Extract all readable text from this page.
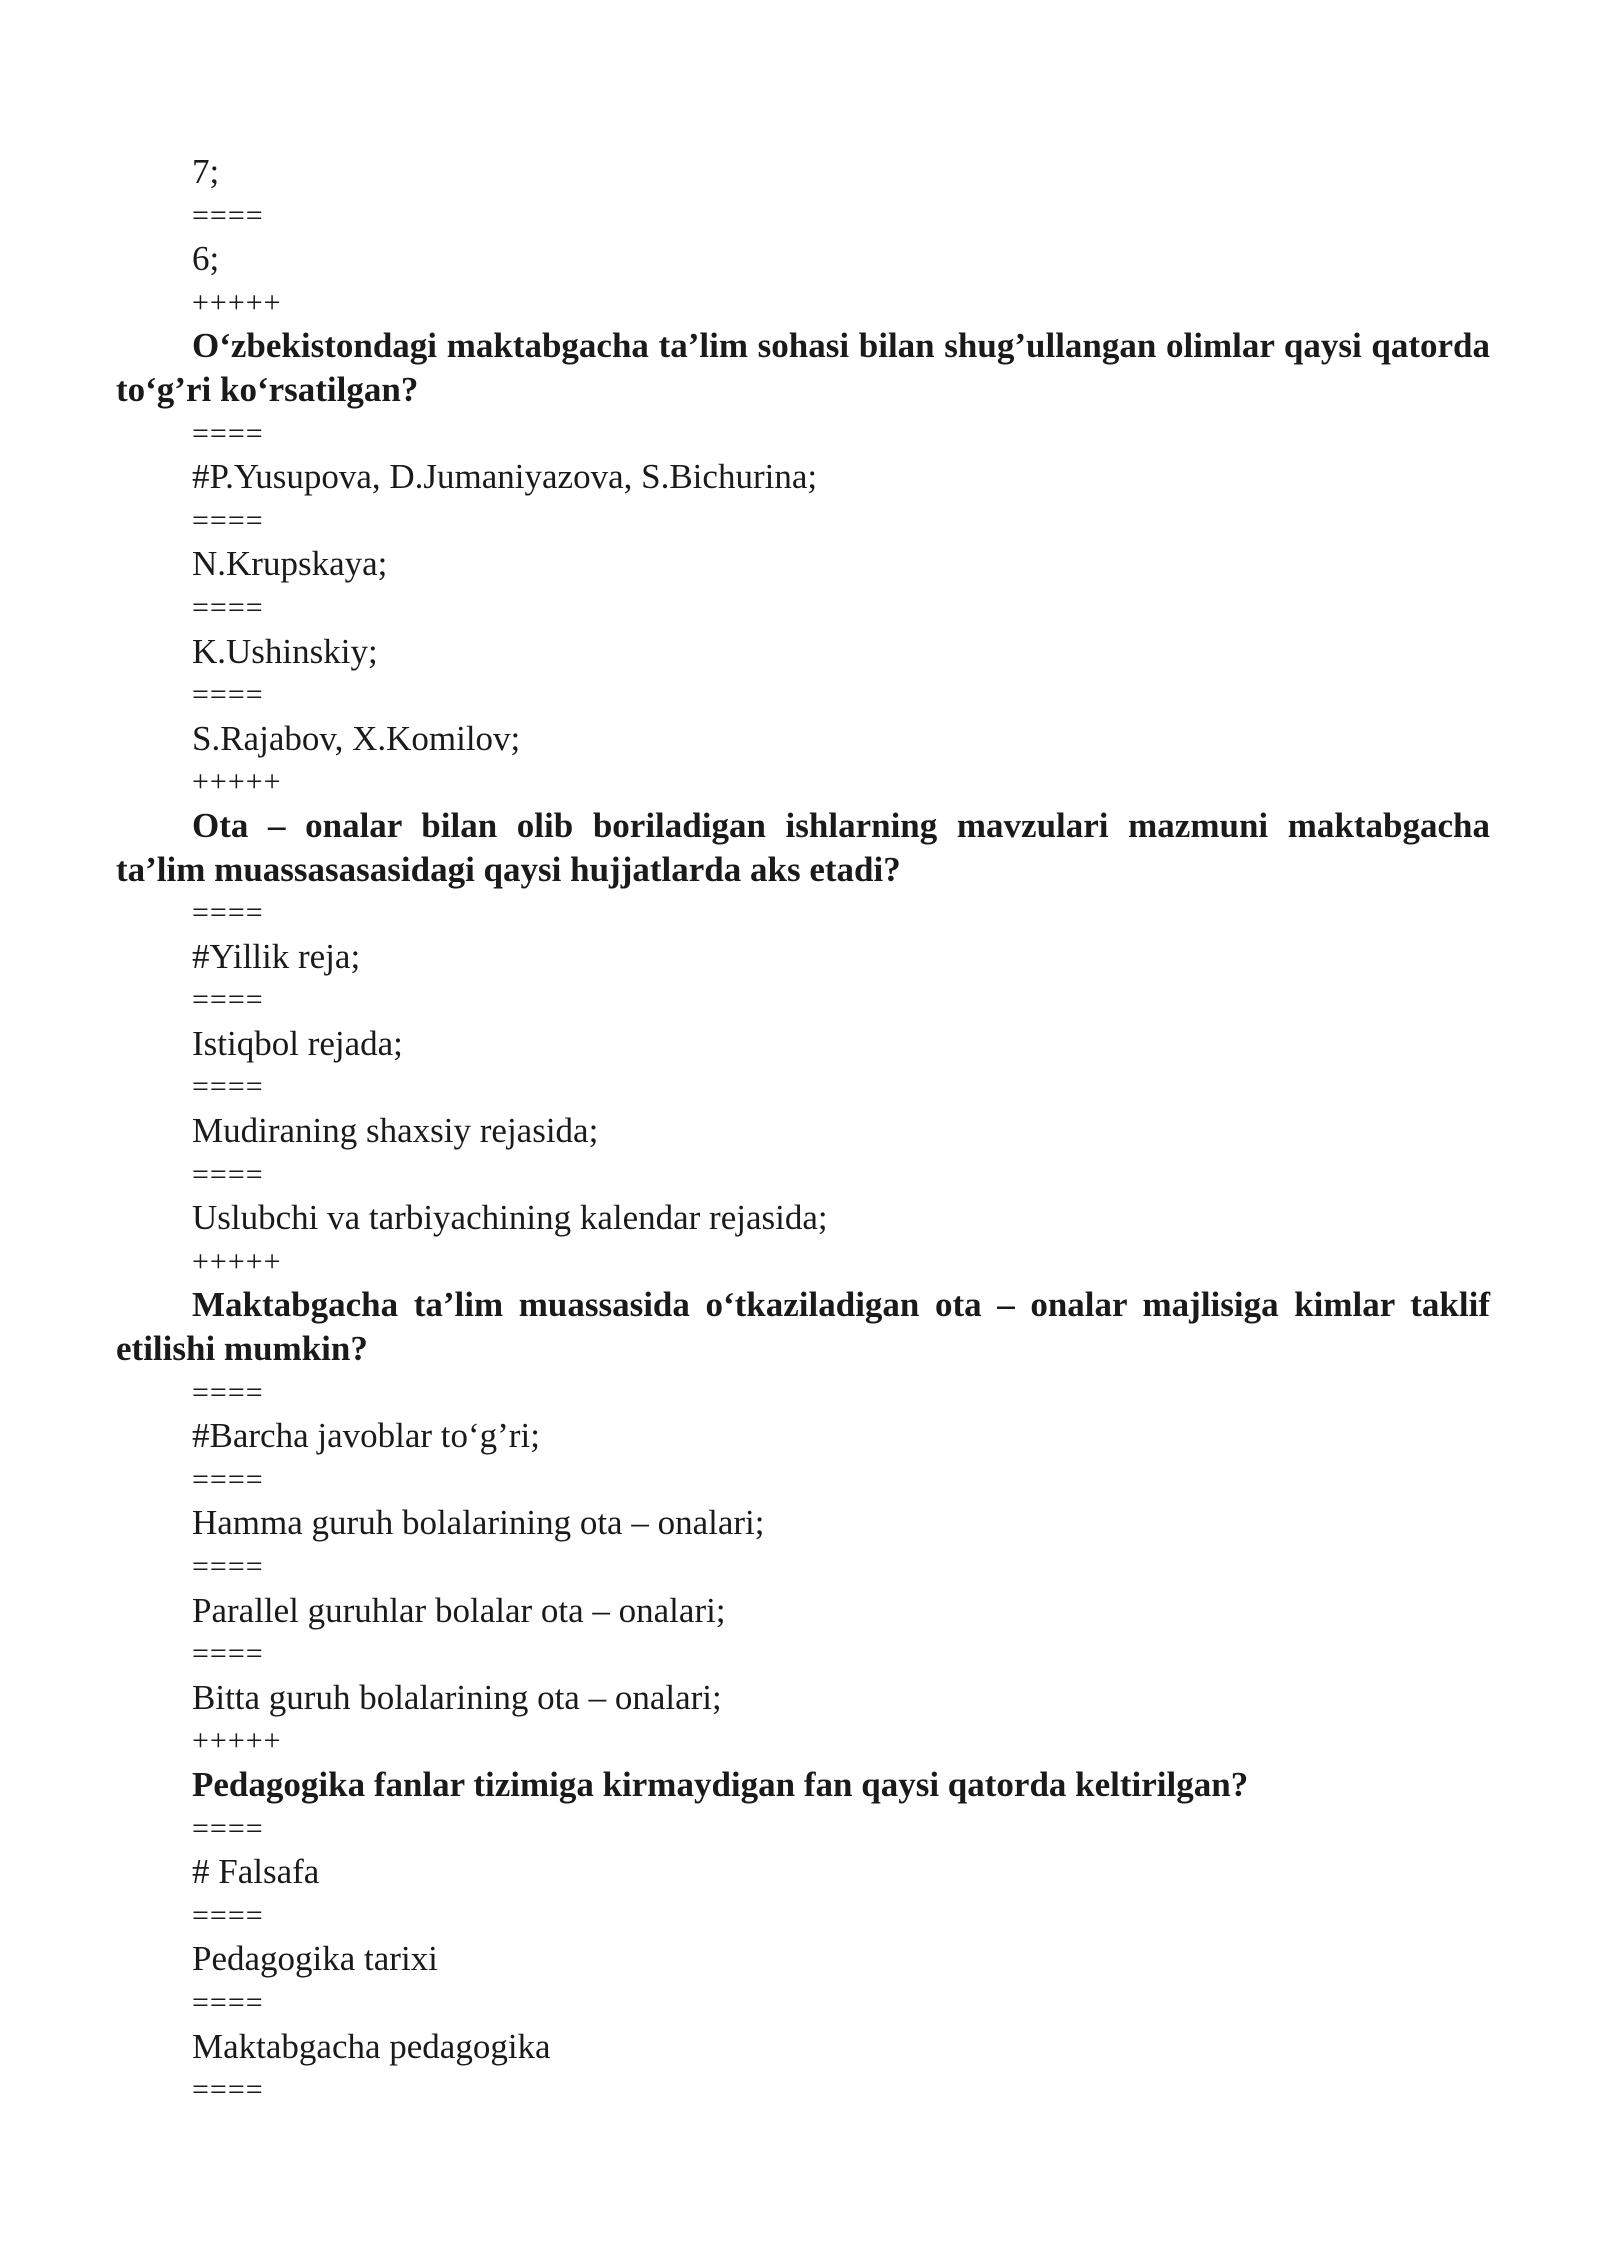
7;

====

6;

+++++

O‘zbekistondagi maktabgacha ta’lim sohasi bilan shug’ullangan olimlar qaysi qatorda to‘g’ri ko‘rsatilgan?

====

#P.Yusupova, D.Jumaniyazova, S.Bichurina;

====

N.Krupskaya;

====

K.Ushinskiy;

====

S.Rajabov, X.Komilov;

+++++

Ota – onalar bilan olib boriladigan ishlarning mavzulari mazmuni maktabgacha ta’lim muassasasasidagi qaysi hujjatlarda aks etadi?

====

#Yillik reja;

====

Istiqbol rejada;

====

Mudiraning shaxsiy rejasida;

====

Uslubchi va tarbiyachining kalendar rejasida;

+++++

Maktabgacha ta’lim muassasida o‘tkaziladigan ota – onalar majlisiga kimlar taklif etilishi mumkin?

====

#Barcha javoblar to‘g’ri;

====

Hamma guruh bolalarining ota – onalari;

====

Parallel guruhlar bolalar ota – onalari;

====

Bitta guruh bolalarining ota – onalari;

+++++

Pedagogika fanlar tizimiga kirmaydigan fan qaysi qatorda keltirilgan?

====

# Falsafa

====

Pedagogika tarixi

====

Maktabgacha pedagogika

====
